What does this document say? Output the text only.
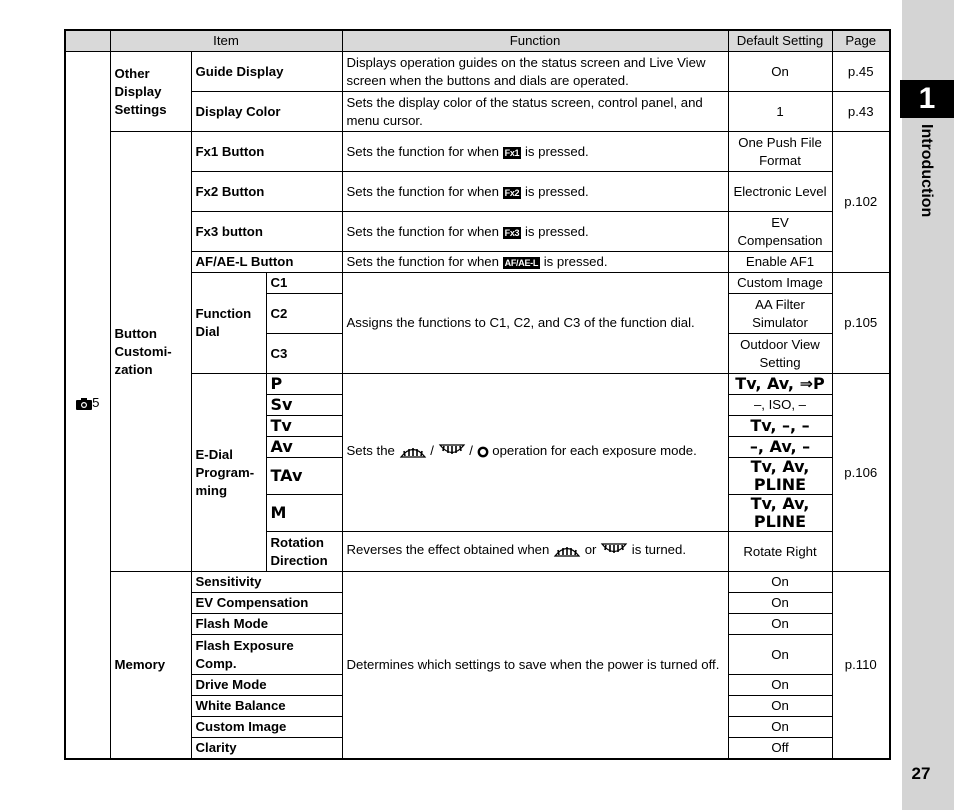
1
Introduction
27
	Item			Function	Default Setting	Page
5	Other Display Settings	Guide Display		Displays operation guides on the status screen and Live View screen when the buttons and dials are operated.	On	p.45
		Display Color		Sets the display color of the status screen, control panel, and menu cursor.	1	p.43
	Button Customi-zation	Fx1 Button		Sets the function for when Fx1 is pressed.	One Push File Format	p.102
		Fx2 Button		Sets the function for when Fx2 is pressed.	Electronic Level	
		Fx3 button		Sets the function for when Fx3 is pressed.	EV Compensation	
		AF/AE-L Button		Sets the function for when AF/AE-L is pressed.	Enable AF1	
		Function Dial	C1	Assigns the functions to C1, C2, and C3 of the function dial.	Custom Image	p.105
			C2		AA Filter Simulator	
			C3		Outdoor View Setting	
		E-Dial Program-ming	P	Sets the / / operation for each exposure mode.	Tv, Av, ⇒P	p.106
			Sv		–, ISO, –	
			Tv		Tv, –, –	
			Av		–, Av, –	
			TAv		Tv, Av, PLINE	
			M		Tv, Av, PLINE	
			Rotation Direction	Reverses the effect obtained when or is turned.	Rotate Right	
	Memory	Sensitivity		Determines which settings to save when the power is turned off.	On	p.110
		EV Compensation			On	
		Flash Mode			On	
		Flash Exposure Comp.			On	
		Drive Mode			On	
		White Balance			On	
		Custom Image			On	
		Clarity			Off	
